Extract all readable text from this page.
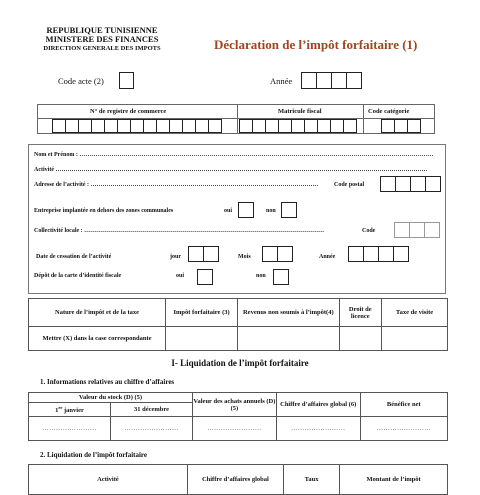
REPUBLIQUE TUNISIENNE
MINISTERE DES FINANCES
DIRECTION GENERALE DES IMPOTS	Déclaration de l’impôt forfaitaire (1)
Code acte (2)	Année
N° de registre de commerce	Matricule fiscal	Code catégorie
Nom et Prénom : ……………………………………………………………………………………………………………………………………………………………
Activité ……………………………………………………………………………………………………………………………………………………………………
Adresse de l’activité : ……………………………………………………………………………………………………	Code postal
Entreprise implantée en dehors des zones communales	oui	non
Collectivité locale : …………………………………………………………………………………………………………	Code
Date de cessation de l’activité	jour	Mois	Année
Dépôt de la carte d’identité fiscale	oui	non
Nature de l’impôt et de la taxe	Impôt forfaitaire (3)	Revenus non soumis à l’impôt(4)	Droit de licence	Taxe de visite
Mettre (X) dans la case correspondante				
I- Liquidation de l’impôt forfaitaire
1. Informations relatives au chiffre d’affaires
Valeur du stock (D) (5)		Valeur des achats annuels (D) (5)	Chiffre d’affaires global (6)	Bénéfice net
1er janvier	31 décembre			
……………………	……………………	……………………	……………………	……………………
2. Liquidation de l’impôt forfaitaire
Activité	Chiffre d’affaires global	Taux	Montant de l’impôt
